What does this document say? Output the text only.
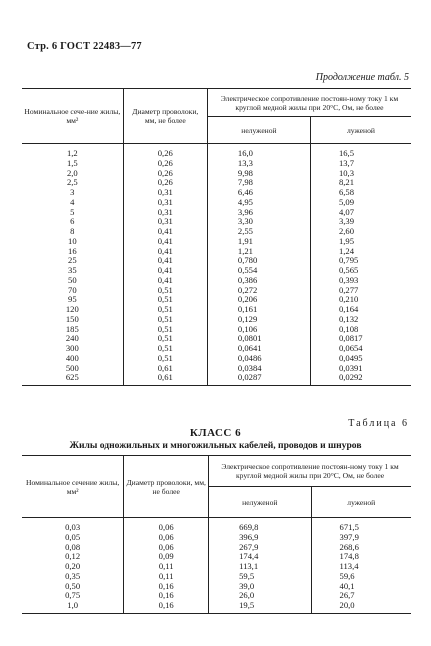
Стр. 6 ГОСТ 22483—77
Продолжение табл. 5
Номинальное сече-ние жилы, мм²	Диаметр проволоки, мм, не более	Электрическое сопротивление постоян-ному току 1 км круглой медной жилы при 20°С, Ом, не более	
		нелуженой	луженой
1,2	0,26	16,0	16,5
1,5	0,26	13,3	13,7
2,0	0,26	9,98	10,3
2,5	0,26	7,98	8,21
3	0,31	6,46	6,58
4	0,31	4,95	5,09
5	0,31	3,96	4,07
6	0,31	3,30	3,39
8	0,41	2,55	2,60
10	0,41	1,91	1,95
16	0,41	1,21	1,24
25	0,41	0,780	0,795
35	0,41	0,554	0,565
50	0,41	0,386	0,393
70	0,51	0,272	0,277
95	0,51	0,206	0,210
120	0,51	0,161	0,164
150	0,51	0,129	0,132
185	0,51	0,106	0,108
240	0,51	0,0801	0,0817
300	0,51	0,0641	0,0654
400	0,51	0,0486	0,0495
500	0,61	0,0384	0,0391
625	0,61	0,0287	0,0292
Таблица 6
КЛАСС 6
Жилы одножильных и многожильных кабелей, проводов и шнуров
Номинальное сечение жилы, мм²	Диаметр проволоки, мм, не более	Электрическое сопротивление постоян-ному току 1 км круглой медной жилы при 20°С, Ом, не более	
		нелуженой	луженой
0,03	0,06	669,8	671,5
0,05	0,06	396,9	397,9
0,08	0,06	267,9	268,6
0,12	0,09	174,4	174,8
0,20	0,11	113,1	113,4
0,35	0,11	59,5	59,6
0,50	0,16	39,0	40,1
0,75	0,16	26,0	26,7
1,0	0,16	19,5	20,0
